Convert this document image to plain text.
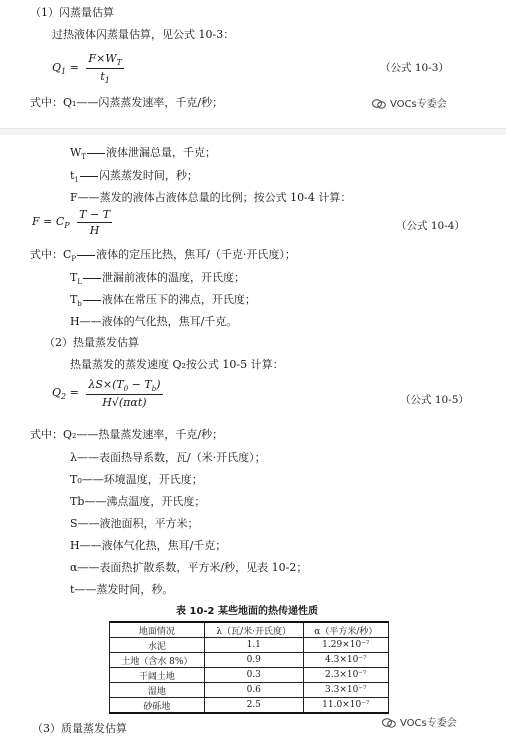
（1）闪蒸量估算
过热液体闪蒸量估算，见公式 10-3：
$Q_1 = \frac{F\times W_T}{t_1}$	（公式 10-3）
式中：Q₁——闪蒸蒸发速率，千克/秒；	VOCs专委会
$W_T$ 液体泄漏总量，千克；
$t_1$ 闪蒸蒸发时间，秒；
F——蒸发的液体占液体总量的比例；按公式 10-4 计算：
$F = C_P \frac{T - T}{H}$	（公式 10-4）
式中：$C_P$ 液体的定压比热，焦耳/（千克·开氏度）；
$T_L$ 泄漏前液体的温度，开氏度；
$T_b$ 液体在常压下的沸点，开氏度；
H——液体的气化热，焦耳/千克。
（2）热量蒸发估算
热量蒸发的蒸发速度 Q₂按公式 10-5 计算：
$Q_2 = \frac{\lambda S\times(T_0 - T_b)}{\text{H√(παt)}}$	（公式 10-5）
式中：Q₂——热量蒸发速率，千克/秒；
λ——表面热导系数，瓦/（米·开氏度）；
T₀——环境温度，开氏度；
Tb——沸点温度，开氏度；
S——液池面积，平方米；
H——液体气化热，焦耳/千克；
α——表面热扩散系数，平方米/秒，见表 10-2；
t——蒸发时间，秒。
表 10-2 某些地面的热传递性质
地面情况	λ（瓦/米·开氏度）	α（平方米/秒）
水泥	1.1	1.29×10⁻⁷
土地（含水 8%）	0.9	4.3×10⁻⁷
干阔土地	0.3	2.3×10⁻⁷
湿地	0.6	3.3×10⁻⁷
砂砾地	2.5	11.0×10⁻⁷
VOCs专委会
（3）质量蒸发估算
